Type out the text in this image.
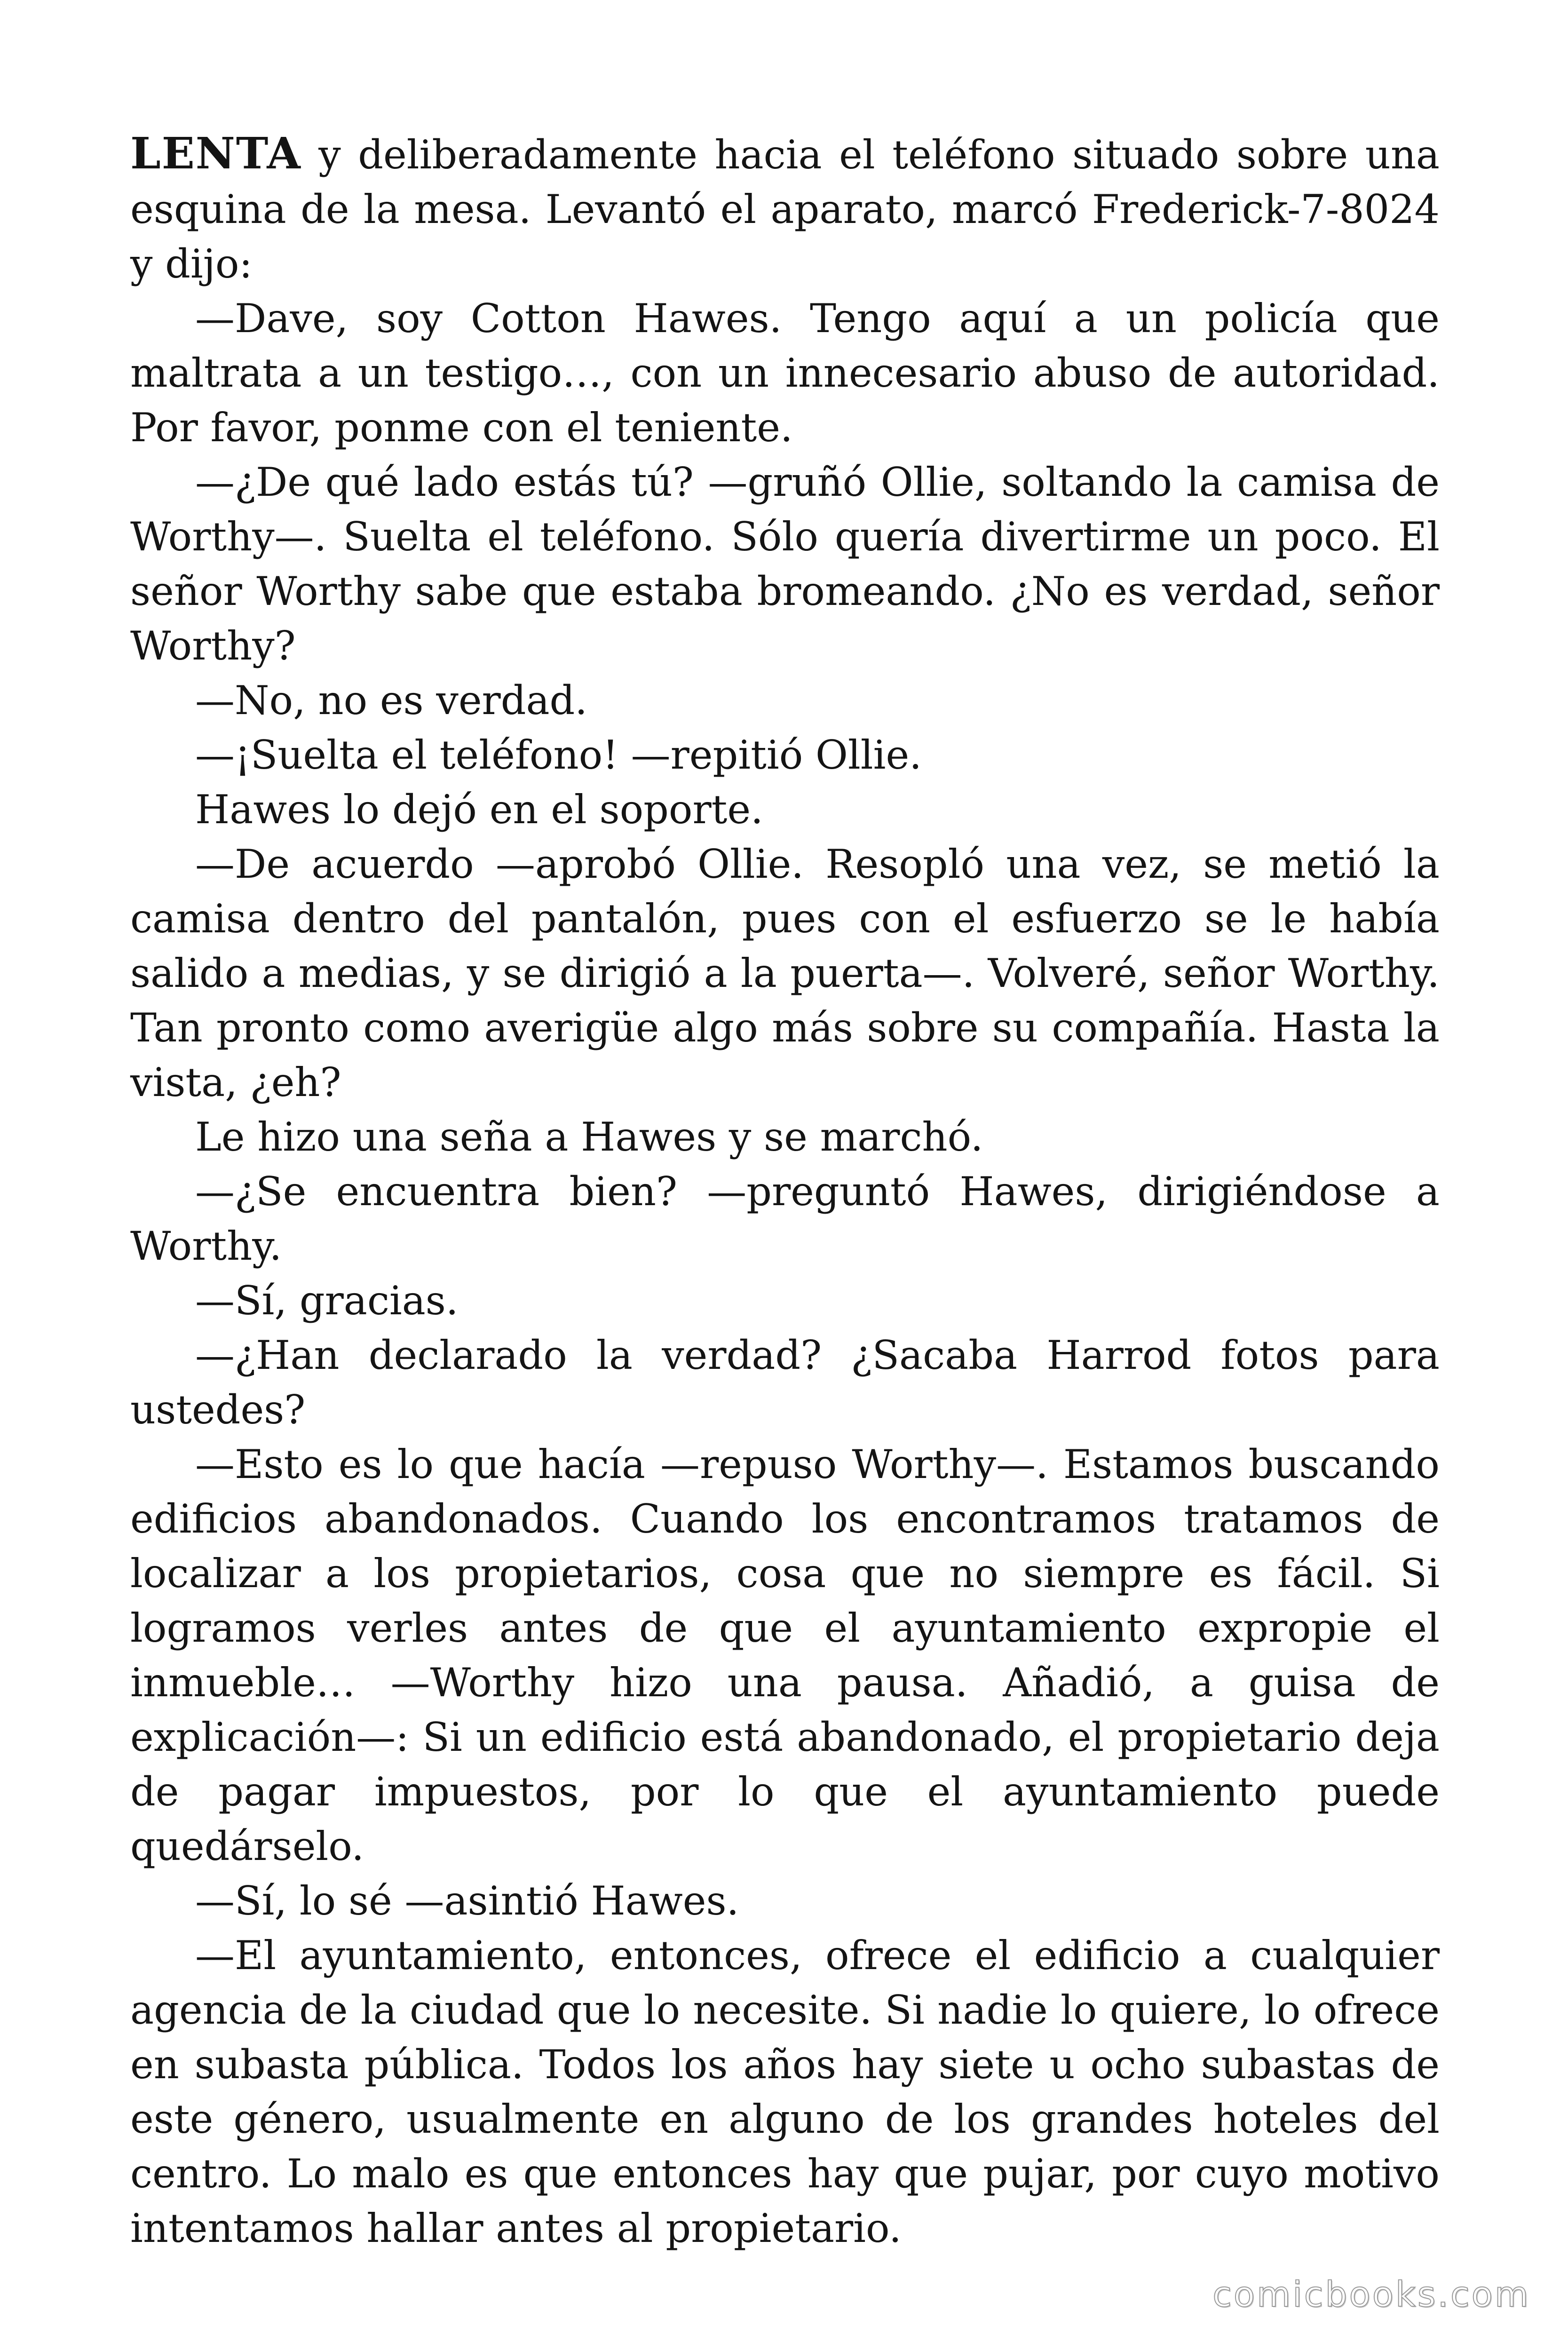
LENTA y deliberadamente hacia el teléfono situado sobre una esquina de la mesa. Levantó el aparato, marcó Frederick-7-8024 y dijo:

—Dave, soy Cotton Hawes. Tengo aquí a un policía que maltrata a un testigo…, con un innecesario abuso de autoridad. Por favor, ponme con el teniente.

—¿De qué lado estás tú? —gruñó Ollie, soltando la camisa de Worthy—. Suelta el teléfono. Sólo quería divertirme un poco. El señor Worthy sabe que estaba bromeando. ¿No es verdad, señor Worthy?

—No, no es verdad.

—¡Suelta el teléfono! —repitió Ollie.

Hawes lo dejó en el soporte.

—De acuerdo —aprobó Ollie. Resopló una vez, se metió la camisa dentro del pantalón, pues con el esfuerzo se le había salido a medias, y se dirigió a la puerta—. Volveré, señor Worthy. Tan pronto como averigüe algo más sobre su compañía. Hasta la vista, ¿eh?

Le hizo una seña a Hawes y se marchó.

—¿Se encuentra bien? —preguntó Hawes, dirigiéndose a Worthy.

—Sí, gracias.

—¿Han declarado la verdad? ¿Sacaba Harrod fotos para ustedes?

—Esto es lo que hacía —repuso Worthy—. Estamos buscando edificios abandonados. Cuando los encontramos tratamos de localizar a los propietarios, cosa que no siempre es fácil. Si logramos verles antes de que el ayuntamiento expropie el inmueble… —Worthy hizo una pausa. Añadió, a guisa de explicación—: Si un edificio está abandonado, el propietario deja de pagar impuestos, por lo que el ayuntamiento puede quedárselo.

—Sí, lo sé —asintió Hawes.

—El ayuntamiento, entonces, ofrece el edificio a cualquier agencia de la ciudad que lo necesite. Si nadie lo quiere, lo ofrece en subasta pública. Todos los años hay siete u ocho subastas de este género, usualmente en alguno de los grandes hoteles del centro. Lo malo es que entonces hay que pujar, por cuyo motivo intentamos hallar antes al propietario.

comicbooks.com
